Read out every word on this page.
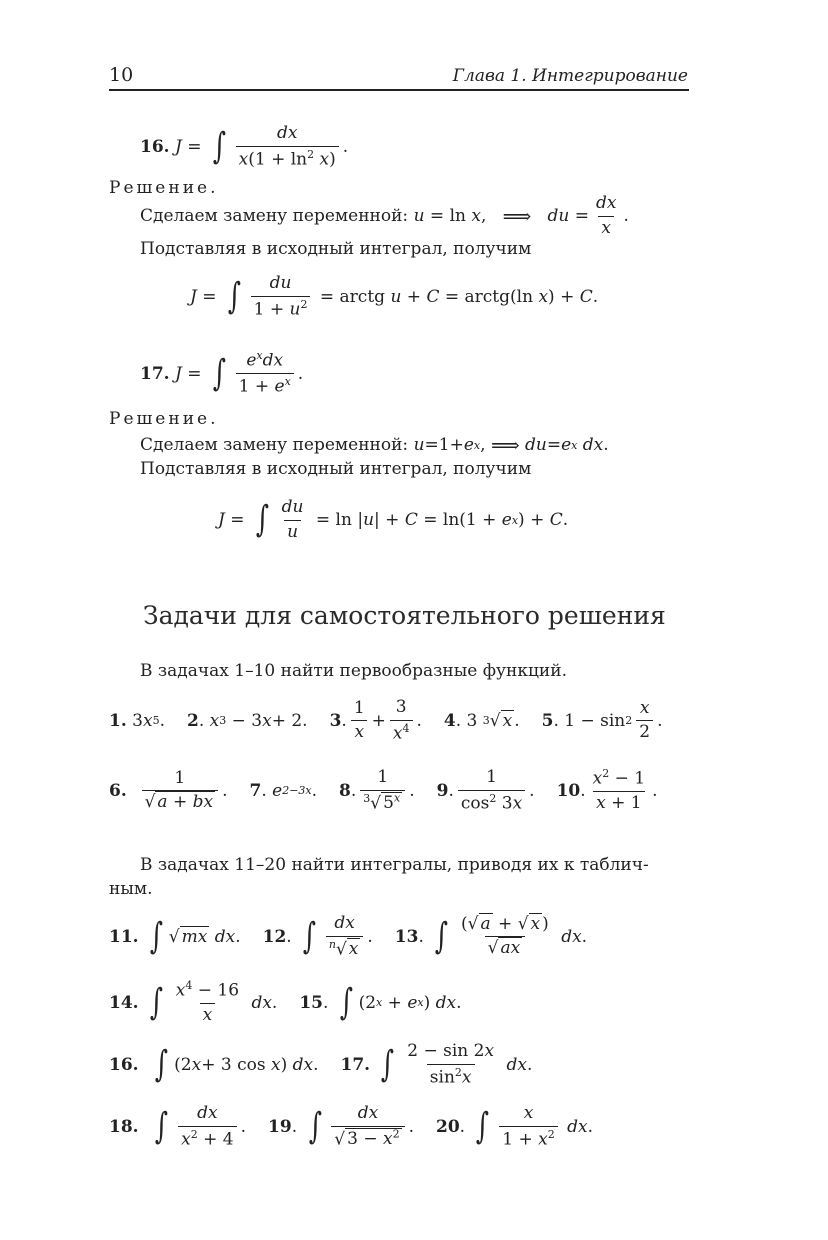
10	Глава 1. Интегрирование
16.
J = ∫ $\frac{dx}{x(1 + \ln^2 x)}$ .
Решение.
Сделаем замену переменной:
u = ln x , ⟹
du = $\frac{dx}{x}$ .
Подставляя в исходный интеграл, получим
J = ∫ $\frac{du}{1 + u^2}$ = arctg u + C = arctg(ln x ) + C .
17.
J = ∫ $\frac{e^xdx}{1 + e^x}$ .
Решение.
Сделаем замену переменной:
u =1+ e x , ⟹
du = e x
dx .
Подставляя в исходный интеграл, получим
J = ∫ $\frac{du}{u} = \ln$ | u | + C = ln(1 + e x ) + C .
Задачи для самостоятельного решения
В задачах 1–10 найти первообразные функций.
1. 3 x 5 . 2 . x 3 − 3 x + 2. 3 . $\frac{1}{x} + \frac{3}{x^4}$ . 4 . 3 3 √ x . 5 . $1 - \sin 2 \frac{x}{2}$ .
6.
$\frac{1}{√ a + bx}$ . 7 . e 2−3x . 8 . $\frac{1}{^3√ 5^x}$ . 9 . $\frac{1}{\cos^2 3x}$ . 10 . $\frac{x^2 - 1}{x + 1}$ .
В задачах 11–20 найти интегралы, приводя их к таблич-
ным.
11.
∫ √ mx
dx . 12 . ∫ $\frac{dx}{^n√ x}$ . 13 . ∫ $\frac{(√ a + √ x )}{√ ax}$
dx .
14.
∫ $\frac{x^4 - 16}{x}$
dx . 15 . ∫ (2 x + e x ) dx .
16.
∫ (2 x + 3 cos x ) dx . 17.
∫ $\frac{2 - \sin 2x}{\sin^2x}$
dx .
18.
∫ $\frac{dx}{x^2 + 4}$ . 19 . ∫ $\frac{dx}{√ 3 - x^2}$ . 20 . ∫ $\frac{x}{1 + x^2}$
dx .
